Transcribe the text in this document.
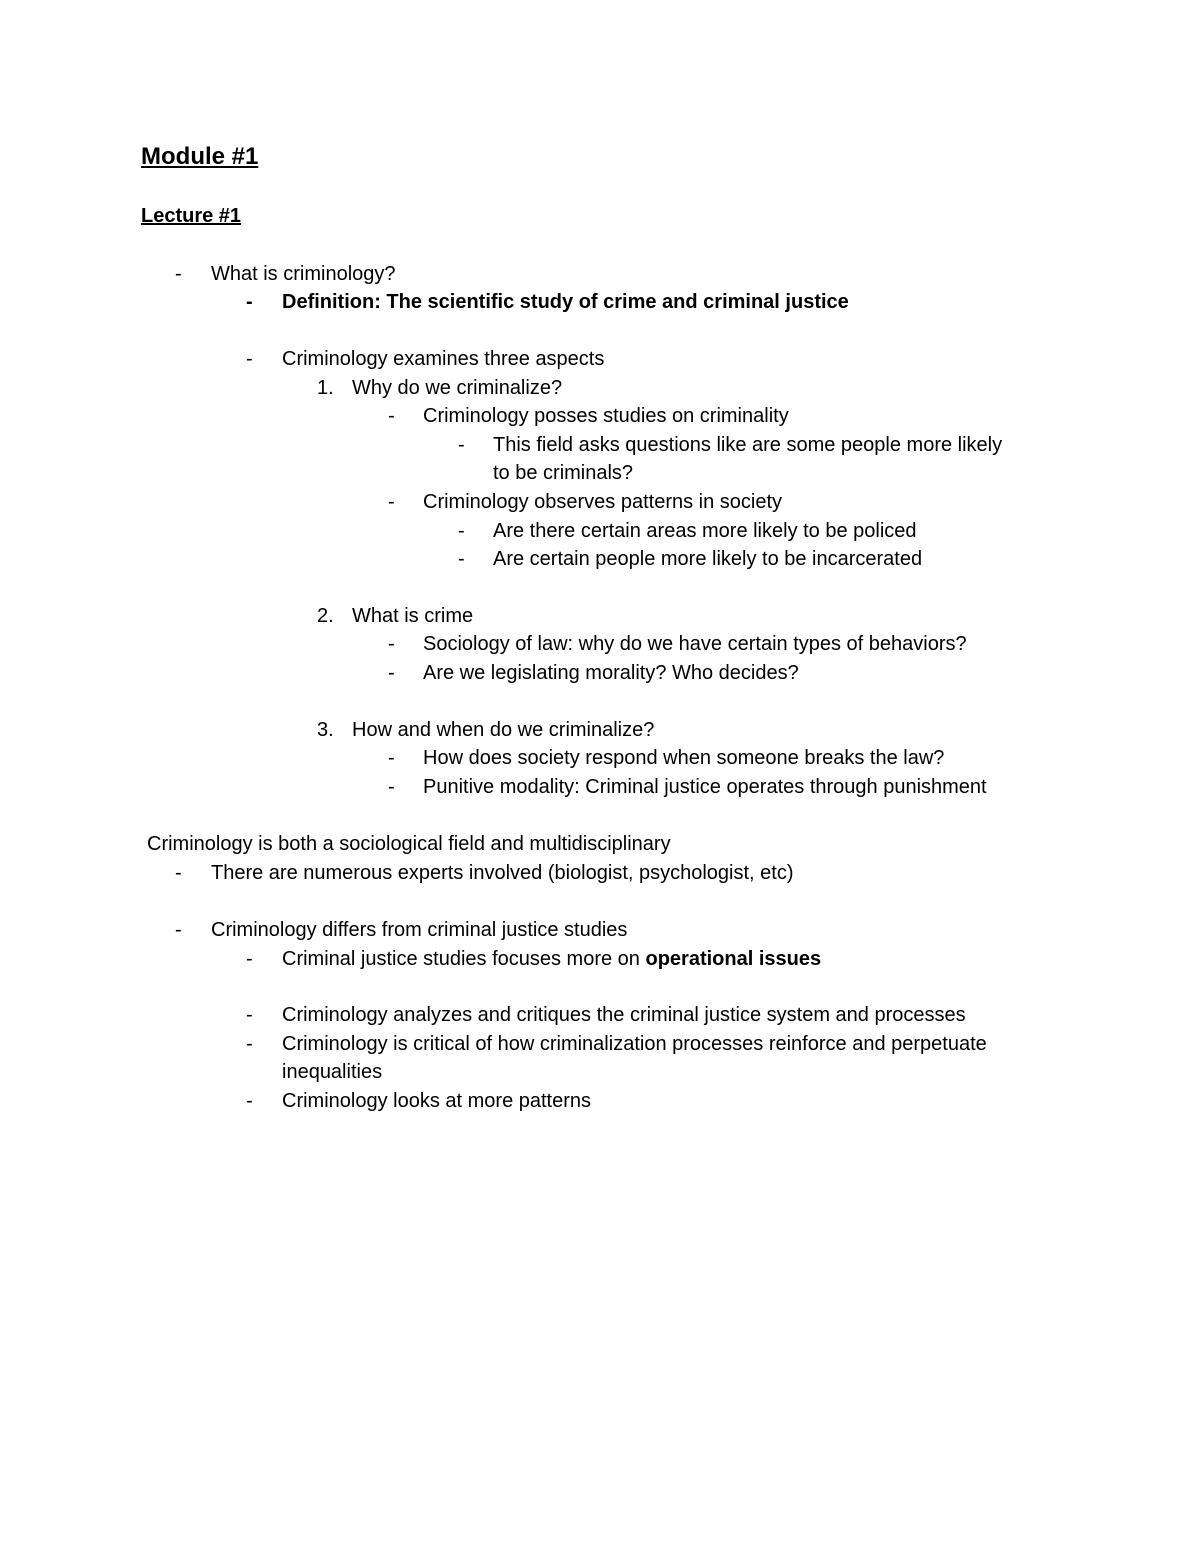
Module #1
Lecture #1
- What is criminology?
- Definition: The scientific study of crime and criminal justice
- Criminology examines three aspects
1. Why do we criminalize?
- Criminology posses studies on criminality
- This field asks questions like are some people more likely
to be criminals?
- Criminology observes patterns in society
- Are there certain areas more likely to be policed
- Are certain people more likely to be incarcerated
2. What is crime
- Sociology of law: why do we have certain types of behaviors?
- Are we legislating morality? Who decides?
3. How and when do we criminalize?
- How does society respond when someone breaks the law?
- Punitive modality: Criminal justice operates through punishment
Criminology is both a sociological field and multidisciplinary
- There are numerous experts involved (biologist, psychologist, etc)
- Criminology differs from criminal justice studies
- Criminal justice studies focuses more on operational issues
- Criminology analyzes and critiques the criminal justice system and processes
- Criminology is critical of how criminalization processes reinforce and perpetuate
inequalities
- Criminology looks at more patterns
